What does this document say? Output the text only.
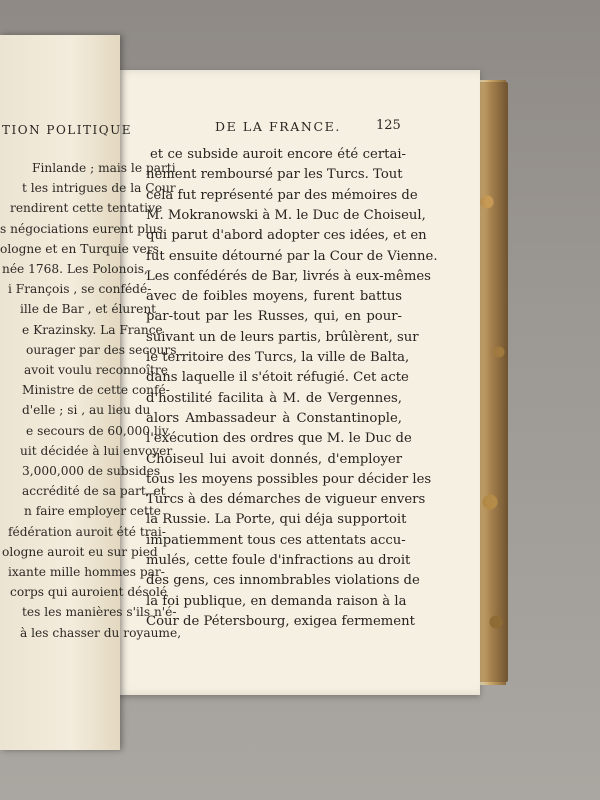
DE LA FRANCE.	125
et ce subside auroit encore été certai-
nement remboursé par les Turcs. Tout
cela fut représenté par des mémoires de
M. Mokranowski à M. le Duc de Choiseul,
qui parut d'abord adopter ces idées, et en
fut ensuite détourné par la Cour de Vienne.
Les confédérés de Bar, livrés à eux-mêmes
avec de foibles moyens, furent battus
par-tout par les Russes, qui, en pour-
suivant un de leurs partis, brûlèrent, sur
le territoire des Turcs, la ville de Balta,
dans laquelle il s'étoit réfugié. Cet acte
d'hostilité facilita à M. de Vergennes,
alors Ambassadeur à Constantinople,
l'exécution des ordres que M. le Duc de
Choiseul lui avoit donnés, d'employer
tous les moyens possibles pour décider les
Turcs à des démarches de vigueur envers
la Russie. La Porte, qui déja supportoit
impatiemment tous ces attentats accu-
mulés, cette foule d'infractions au droit
des gens, ces innombrables violations de
la foi publique, en demanda raison à la
Cour de Pétersbourg, exigea fermement
TION POLITIQUE
Finlande ; mais le parti
t les intrigues de la Cour
rendirent cette tentative
s négociations eurent plus
ologne et en Turquie vers
née 1768. Les Polonois,
i François , se confédé-
ille de Bar , et élurent
e Krazinsky. La France
ourager par des secours
avoit voulu reconnoître
Ministre de cette confé-
d'elle ; si , au lieu du
e secours de 60,000 liv.
uit décidée à lui envoyer
3,000,000 de subsides
accrédité de sa part, et
n faire employer cette
fédération auroit été trai-
ologne auroit eu sur pied
ixante mille hommes par-
corps qui auroient désolé
tes les manières s'ils n'é-
à les chasser du royaume,
